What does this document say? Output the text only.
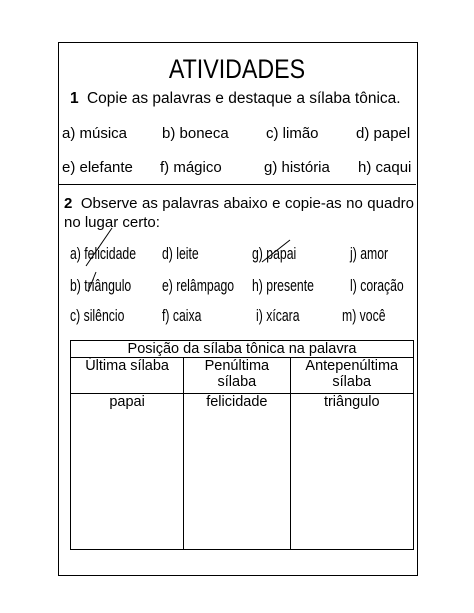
ATIVIDADES
1 Copie as palavras e destaque a sílaba tônica.
a) música b) boneca c) limão d) papel
e) elefante f) mágico	g) história h) caqui
2 Observe as palavras abaixo e copie-as no quadro no lugar certo:
a) felicidade d) leite	g) papai	j) amor
b) triângulo e) relâmpago h) presente l) coração
c) silêncio f) caixa	i) xícara m) você
Posição da sílaba tônica na palavra		
Última sílaba	Penúltima sílaba	Antepenúltima sílaba
papai	felicidade	triângulo
